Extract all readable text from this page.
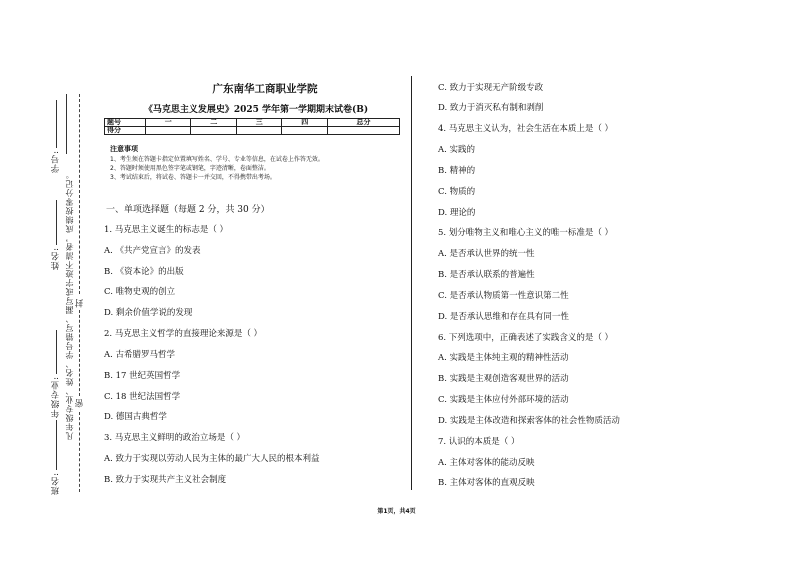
学号:
姓名:
年级专业:
班名:
凡年级专业、姓名、学号错写、漏写或字迹不清者，成绩按零分记。 密
封
广东南华工商职业学院
《马克思主义发展史》2025 学年第一学期期末试卷(B)
题号	一	二	三	四	总分
得分					
注意事项
1、考生须在答题卡指定位置填写姓名、学号、专业等信息，在试卷上作答无效。
2、答题时须使用黑色签字笔或钢笔，字迹清晰，卷面整洁。
3、考试结束后，将试卷、答题卡一并交回，不得携带出考场。
一、单项选择题（每题 2 分，共 30 分）
1. 马克思主义诞生的标志是（ ）
A. 《共产党宣言》的发表
B. 《资本论》的出版
C. 唯物史观的创立
D. 剩余价值学说的发现
2. 马克思主义哲学的直接理论来源是（ ）
A. 古希腊罗马哲学
B. 17 世纪英国哲学
C. 18 世纪法国哲学
D. 德国古典哲学
3. 马克思主义鲜明的政治立场是（ ）
A. 致力于实现以劳动人民为主体的最广大人民的根本利益
B. 致力于实现共产主义社会制度
C. 致力于实现无产阶级专政
D. 致力于消灭私有制和剥削
4. 马克思主义认为，社会生活在本质上是（ ）
A. 实践的
B. 精神的
C. 物质的
D. 理论的
5. 划分唯物主义和唯心主义的唯一标准是（ ）
A. 是否承认世界的统一性
B. 是否承认联系的普遍性
C. 是否承认物质第一性意识第二性
D. 是否承认思维和存在具有同一性
6. 下列选项中，正确表述了实践含义的是（ ）
A. 实践是主体纯主观的精神性活动
B. 实践是主观创造客观世界的活动
C. 实践是主体应付外部环境的活动
D. 实践是主体改造和探索客体的社会性物质活动
7. 认识的本质是（ ）
A. 主体对客体的能动反映
B. 主体对客体的直观反映
第1页，共4页
